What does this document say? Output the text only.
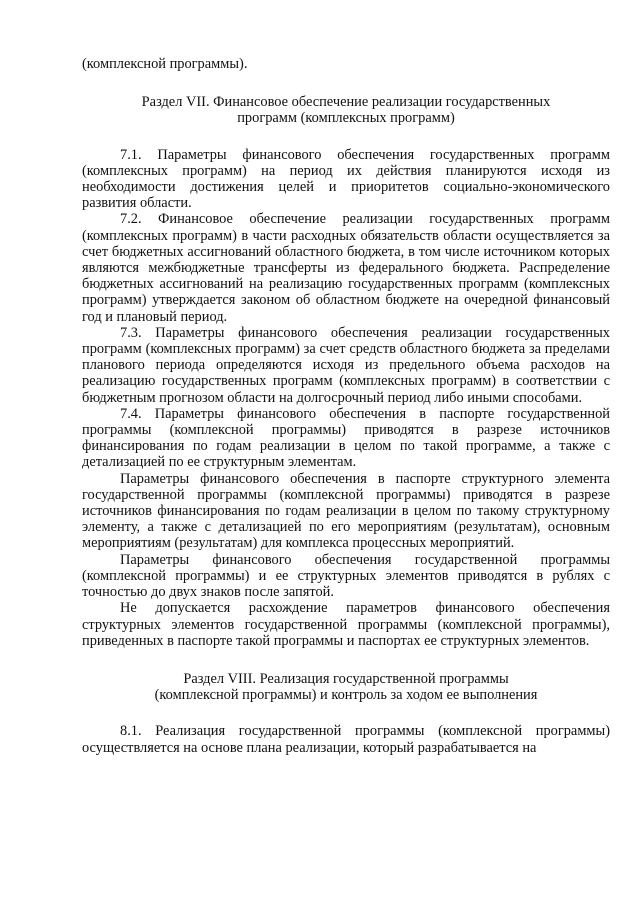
(комплексной программы).

Раздел VII. Финансовое обеспечение реализации государственных

программ (комплексных программ)

7.1. Параметры финансового обеспечения государственных программ (комплексных программ) на период их действия планируются исходя из необходимости достижения целей и приоритетов социально-экономического развития области.

7.2. Финансовое обеспечение реализации государственных программ (комплексных программ) в части расходных обязательств области осуществляется за счет бюджетных ассигнований областного бюджета, в том числе источником которых являются межбюджетные трансферты из федерального бюджета. Распределение бюджетных ассигнований на реализацию государственных программ (комплексных программ) утверждается законом об областном бюджете на очередной финансовый год и плановый период.

7.3. Параметры финансового обеспечения реализации государственных программ (комплексных программ) за счет средств областного бюджета за пределами планового периода определяются исходя из предельного объема расходов на реализацию государственных программ (комплексных программ) в соответствии с бюджетным прогнозом области на долгосрочный период либо иными способами.

7.4. Параметры финансового обеспечения в паспорте государственной программы (комплексной программы) приводятся в разрезе источников финансирования по годам реализации в целом по такой программе, а также с детализацией по ее структурным элементам.

Параметры финансового обеспечения в паспорте структурного элемента государственной программы (комплексной программы) приводятся в разрезе источников финансирования по годам реализации в целом по такому структурному элементу, а также с детализацией по его мероприятиям (результатам), основным мероприятиям (результатам) для комплекса процессных мероприятий.

Параметры финансового обеспечения государственной программы (комплексной программы) и ее структурных элементов приводятся в рублях с точностью до двух знаков после запятой.

Не допускается расхождение параметров финансового обеспечения структурных элементов государственной программы (комплексной программы), приведенных в паспорте такой программы и паспортах ее структурных элементов.

Раздел VIII. Реализация государственной программы

(комплексной программы) и контроль за ходом ее выполнения

8.1. Реализация государственной программы (комплексной программы) осуществляется на основе плана реализации, который разрабатывается на
